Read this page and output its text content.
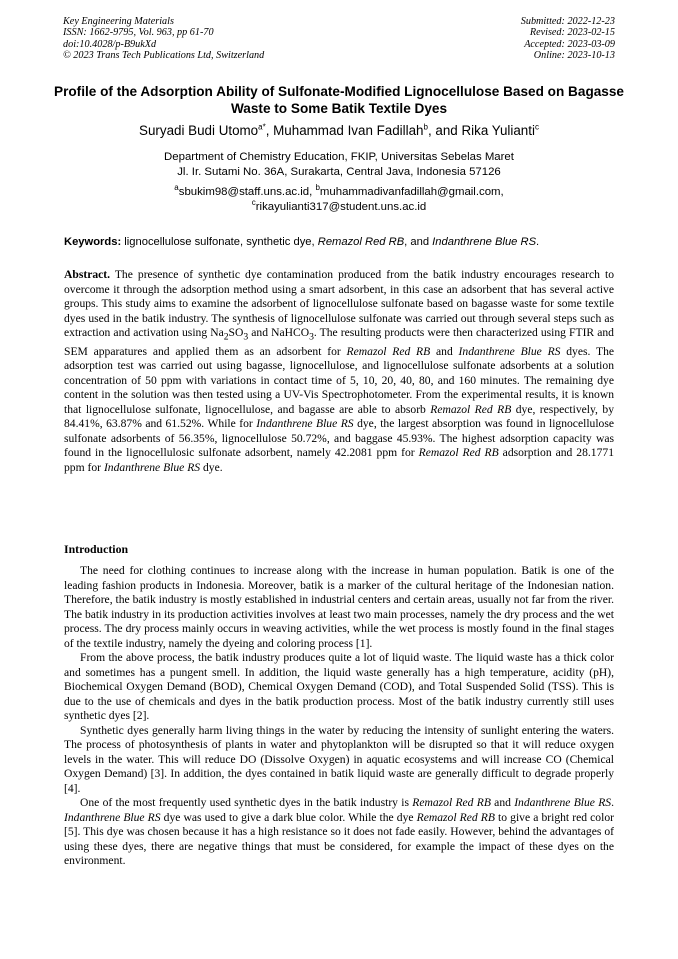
Key Engineering Materials
ISSN: 1662-9795, Vol. 963, pp 61-70
doi:10.4028/p-B9ukXd
© 2023 Trans Tech Publications Ltd, Switzerland
Submitted: 2022-12-23
Revised: 2023-02-15
Accepted: 2023-03-09
Online: 2023-10-13
Profile of the Adsorption Ability of Sulfonate-Modified Lignocellulose Based on Bagasse Waste to Some Batik Textile Dyes
Suryadi Budi Utomo$^{a*}$, Muhammad Ivan Fadillah$^b$, and Rika Yulianti$^c$
Department of Chemistry Education, FKIP, Universitas Sebelas Maret
Jl. Ir. Sutami No. 36A, Surakarta, Central Java, Indonesia 57126
$^a$sbukim98@staff.uns.ac.id, $^b$muhammadivanfadillah@gmail.com,
$^c$rikayulianti317@student.uns.ac.id
Keywords: lignocellulose sulfonate, synthetic dye, Remazol Red RB, and Indanthrene Blue RS.

Abstract. The presence of synthetic dye contamination produced from the batik industry encourages research to overcome it through the adsorption method using a smart adsorbent, in this case an adsorbent that has several active groups. This study aims to examine the adsorbent of lignocellulose sulfonate based on bagasse waste for some textile dyes used in the batik industry. The synthesis of lignocellulose sulfonate was carried out through several steps such as extraction and activation using $Na_2SO_3$ and NaHCO$_3$. The resulting products were then characterized using FTIR and SEM apparatures and applied them as an adsorbent for Remazol Red RB and Indanthrene Blue RS dyes. The adsorption test was carried out using bagasse, lignocellulose, and lignocellulose sulfonate adsorbents at a solution concentration of 50 ppm with variations in contact time of 5, 10, 20, 40, 80, and 160 minutes. The remaining dye content in the solution was then tested using a UV-Vis Spectrophotometer. From the experimental results, it is known that lignocellulose sulfonate, lignocellulose, and bagasse are able to absorb Remazol Red RB dye, respectively, by 84.41%, 63.87% and 61.52%. While for Indanthrene Blue RS dye, the largest absorption was found in lignocellulose sulfonate adsorbents of 56.35%, lignocellulose 50.72%, and baggase 45.93%. The highest adsorption capacity was found in the lignocellulosic sulfonate adsorbent, namely 42.2081 ppm for Remazol Red RB adsorption and 28.1771 ppm for Indanthrene Blue RS dye.

Introduction

The need for clothing continues to increase along with the increase in human population. Batik is one of the leading fashion products in Indonesia. Moreover, batik is a marker of the cultural heritage of the Indonesian nation. Therefore, the batik industry is mostly established in industrial centers and certain areas, usually not far from the river. The batik industry in its production activities involves at least two main processes, namely the dry process and the wet process. The dry process mainly occurs in weaving activities, while the wet process is mostly found in the final stages of the textile industry, namely the dyeing and coloring process [1].

From the above process, the batik industry produces quite a lot of liquid waste. The liquid waste has a thick color and sometimes has a pungent smell. In addition, the liquid waste generally has a high temperature, acidity (pH), Biochemical Oxygen Demand (BOD), Chemical Oxygen Demand (COD), and Total Suspended Solid (TSS). This is due to the use of chemicals and dyes in the batik production process. Most of the batik industry currently still uses synthetic dyes [2].

Synthetic dyes generally harm living things in the water by reducing the intensity of sunlight entering the waters. The process of photosynthesis of plants in water and phytoplankton will be disrupted so that it will reduce oxygen levels in the water. This will reduce DO (Dissolve Oxygen) in aquatic ecosystems and will increase CO (Chemical Oxygen Demand) [3]. In addition, the dyes contained in batik liquid waste are generally difficult to degrade properly [4].

One of the most frequently used synthetic dyes in the batik industry is Remazol Red RB and Indanthrene Blue RS. Indanthrene Blue RS dye was used to give a dark blue color. While the dye Remazol Red RB to give a bright red color [5]. This dye was chosen because it has a high resistance so it does not fade easily. However, behind the advantages of using these dyes, there are negative things that must be considered, for example the impact of these dyes on the environment.
